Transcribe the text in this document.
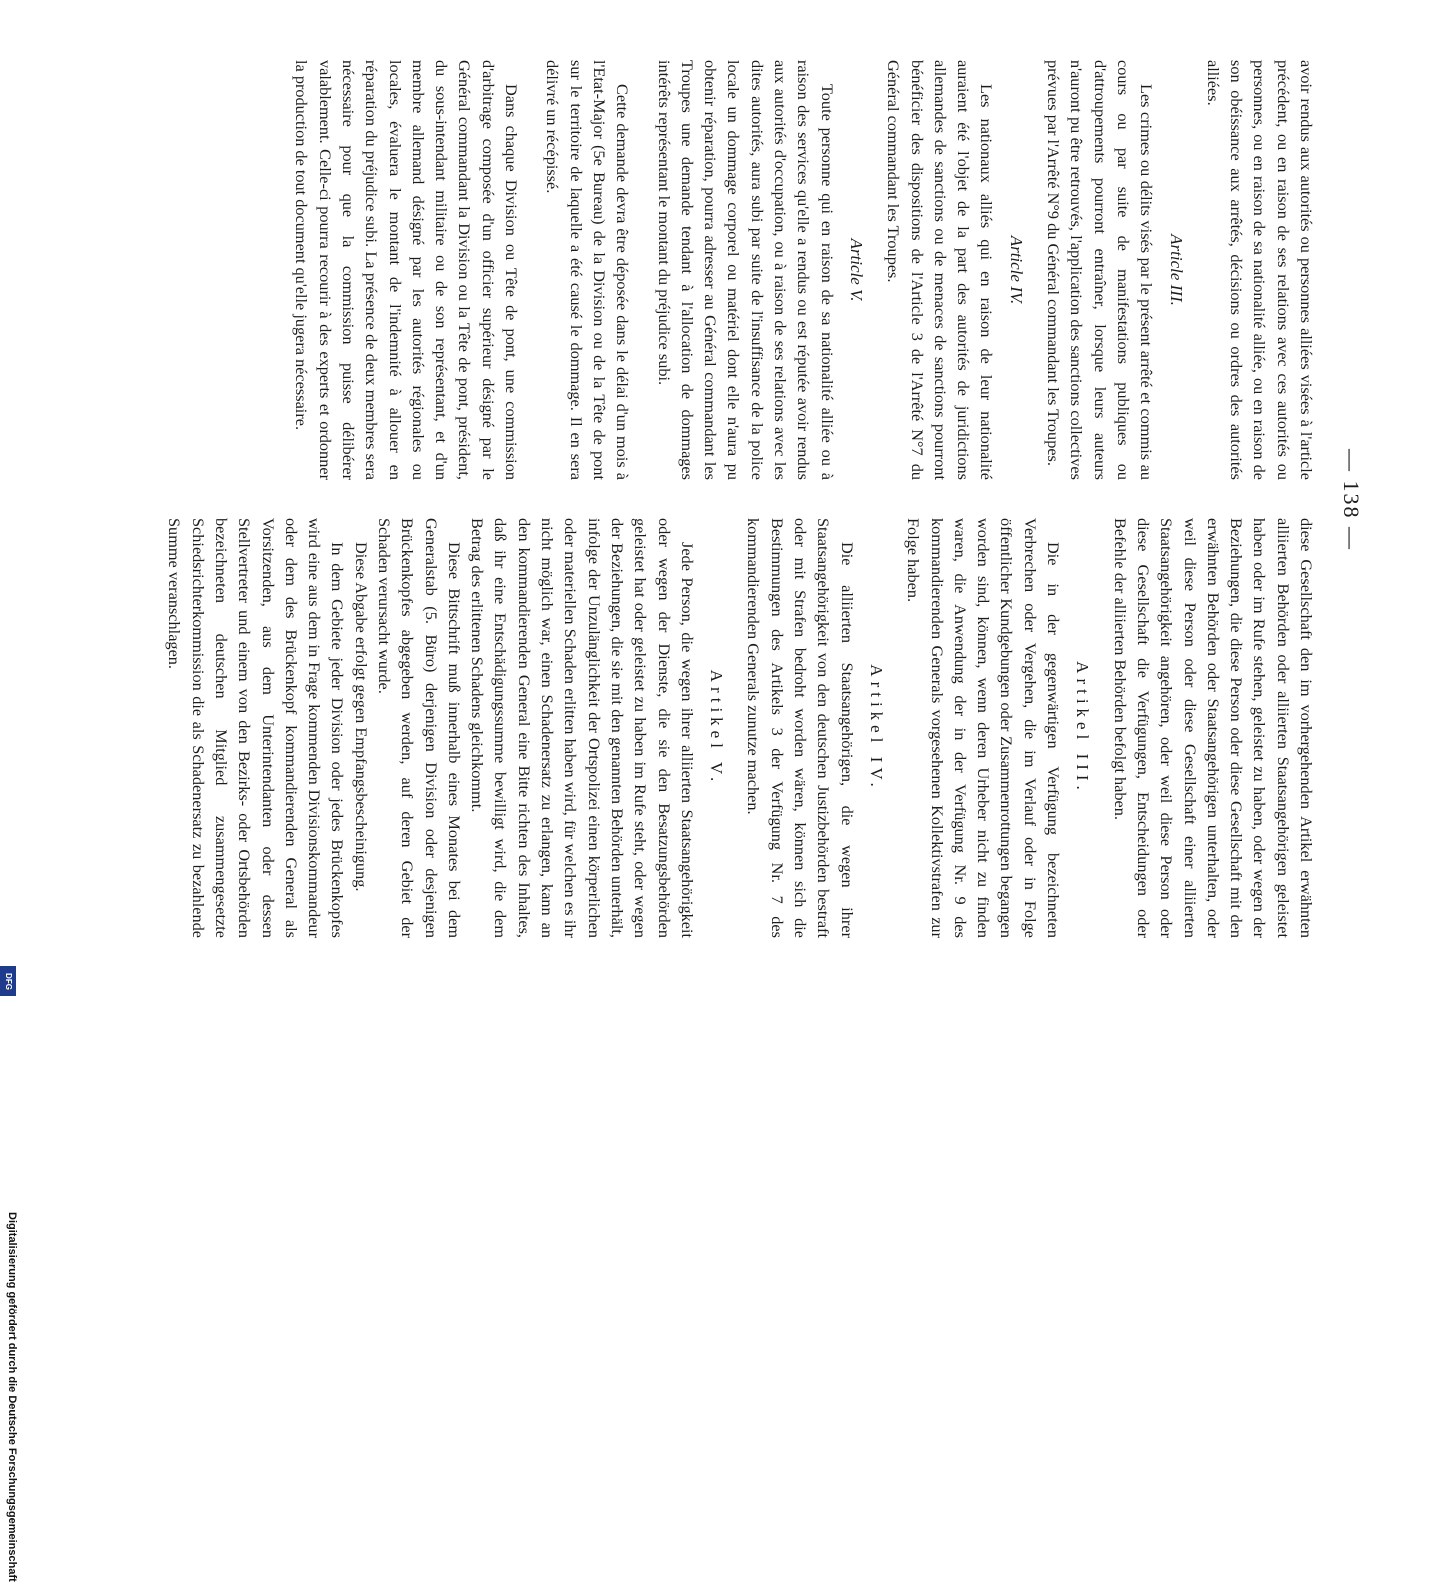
— 138 —

avoir rendus aux autorités ou personnes alliées visées à l'article précédent, ou en raison de ses relations avec ces autorités ou personnes, ou en raison de sa nationalité alliée, ou en raison de son obéissance aux arrêtés, décisions ou ordres des autorités alliées.

Article III.

Les crimes ou délits visés par le présent arrêté et commis au cours ou par suite de manifestations publiques ou d'attroupements pourront entraîner, lorsque leurs auteurs n'auront pu être retrouvés, l'application des sanctions collectives prévues par l'Arrêté N°9 du Général commandant les Troupes.

Article IV.

Les nationaux alliés qui en raison de leur nationalité auraient été l'objet de la part des autorités de juridictions allemandes de sanctions ou de menaces de sanctions pourront bénéficier des dispositions de l'Article 3 de l'Arrêté N°7 du Général commandant les Troupes.

Article V.

Toute personne qui en raison de sa nationalité alliée ou à raison des services qu'elle a rendus ou est réputée avoir rendus aux autorités d'occupation, ou à raison de ses relations avec les dites autorités, aura subi par suite de l'insuffisance de la police locale un dommage corporel ou matériel dont elle n'aura pu obtenir réparation, pourra adresser au Général commandant les Troupes une demande tendant à l'allocation de dommages intérêts représentant le montant du préjudice subi.

Cette demande devra être déposée dans le délai d'un mois à l'Etat-Major (5e Bureau) de la Division ou de la Tête de pont sur le territoire de laquelle a été causé le dommage. Il en sera délivré un récépissé.

Dans chaque Division ou Tête de pont, une commission d'arbitrage composée d'un officier supérieur désigné par le Général commandant la Division ou la Tête de pont, président, du sous-intendant militaire ou de son représentant, et d'un membre allemand désigné par les autorités régionales ou locales, évaluera le montant de l'indemnité à allouer en réparation du préjudice subi. La présence de deux membres sera nécessaire pour que la commission puisse délibérer valablement. Celle-ci pourra recourir à des experts et ordonner la production de tout document qu'elle jugera nécessaire.

diese Gesellschaft den im vorhergehenden Artikel erwähnten alliierten Behörden oder alliierten Staatsangehörigen geleistet haben oder im Rufe stehen, geleistet zu haben, oder wegen der Beziehungen, die diese Person oder diese Gesellschaft mit den erwähnten Behörden oder Staatsangehörigen unterhalten, oder weil diese Person oder diese Gesellschaft einer alliierten Staatsangehörigkeit angehören, oder weil diese Person oder diese Gesellschaft die Verfügungen, Entscheidungen oder Befehle der alliierten Behörden befolgt haben.

Artikel III.

Die in der gegenwärtigen Verfügung bezeichneten Verbrechen oder Vergehen, die im Verlauf oder in Folge öffentlicher Kundgebungen oder Zusammenrottungen begangen worden sind, können, wenn deren Urheber nicht zu finden waren, die Anwendung der in der Verfügung Nr. 9 des kommandierenden Generals vorgesehenen Kollektivstrafen zur Folge haben.

Artikel IV.

Die alliierten Staatsangehörigen, die wegen ihrer Staatsangehörigkeit von den deutschen Justizbehörden bestraft oder mit Strafen bedroht worden wären, können sich die Bestimmungen des Artikels 3 der Verfügung Nr. 7 des kommandierenden Generals zunutze machen.

Artikel V.

Jede Person, die wegen ihrer alliierten Staatsangehörigkeit oder wegen der Dienste, die sie den Besatzungsbehörden geleistet hat oder geleistet zu haben im Rufe steht, oder wegen der Beziehungen, die sie mit den genannten Behörden unterhält, infolge der Unzulänglichkeit der Ortspolizei einen körperlichen oder materiellen Schaden erlitten haben wird, für welchen es ihr nicht möglich war, einen Schadenersatz zu erlangen, kann an den kommandierenden General eine Bitte richten des Inhaltes, daß ihr eine Entschädigungssumme bewilligt wird, die dem Betrag des erlittenen Schadens gleichkommt.

Diese Bittschrift muß innerhalb eines Monates bei dem Generalstab (5. Büro) derjenigen Division oder desjenigen Brückenkopfes abgegeben werden, auf deren Gebiet der Schaden verursacht wurde.

Diese Abgabe erfolgt gegen Empfangsbescheinigung.

In dem Gebiete jeder Division oder jedes Brückenkopfes wird eine aus dem in Frage kommenden Divisionskommandeur oder dem des Brückenkopf kommandierenden General als Vorsitzenden, aus dem Unterintendanten oder dessen Stellvertreter und einem von den Bezirks- oder Ortsbehörden bezeichneten deutschen Mitglied zusammengesetzte Schiedsrichterkommission die als Schadenersatz zu bezahlende Summe veranschlagen.

Digitalisierung gefördert durch die Deutsche Forschungsgemeinschaft
DFG
